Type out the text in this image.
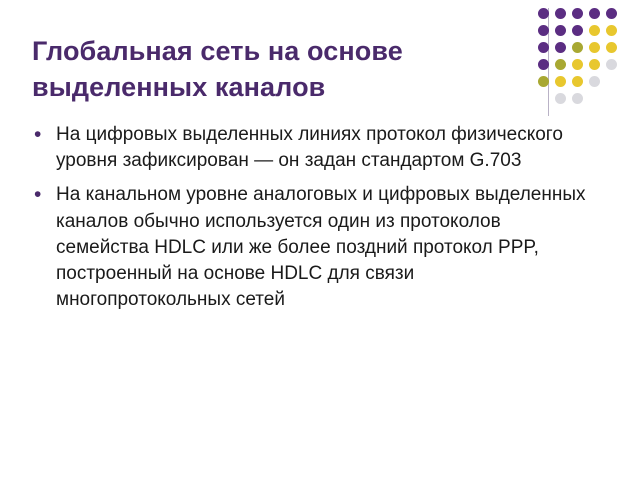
Глобальная сеть на основе выделенных каналов
• На цифровых выделенных линиях протокол физического уровня зафиксирован — он задан стандартом G.703
• На канальном уровне аналоговых и цифровых выделенных каналов обычно используется один из протоколов семейства HDLC или же более поздний протокол PPP, построенный на основе HDLC для связи многопротокольных сетей
